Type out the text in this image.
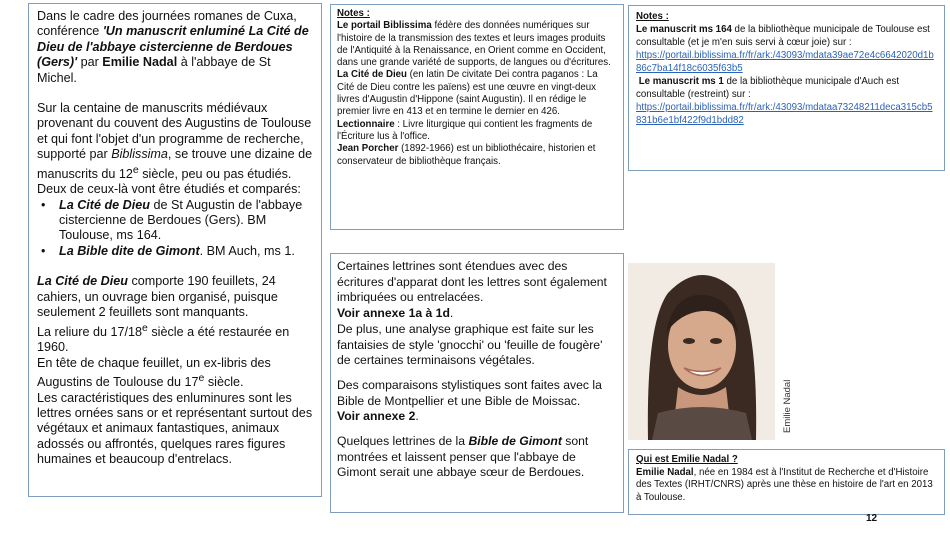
Dans le cadre des journées romanes de Cuxa, conférence 'Un manuscrit enluminé La Cité de Dieu de l'abbaye cistercienne de Berdoues (Gers)' par Emilie Nadal à l'abbaye de St Michel.

Sur la centaine de manuscrits médiévaux provenant du couvent des Augustins de Toulouse et qui font l'objet d'un programme de recherche, supporté par Biblissima, se trouve une dizaine de manuscrits du 12e siècle, peu ou pas étudiés.

Deux de ceux-là vont être étudiés et comparés:

•	La Cité de Dieu de St Augustin de l'abbaye cistercienne de Berdoues (Gers). BM Toulouse, ms 164.
•	La Bible dite de Gimont. BM Auch, ms 1.

La Cité de Dieu comporte 190 feuillets, 24 cahiers, un ouvrage bien organisé, puisque seulement 2 feuillets sont manquants.

La reliure du 17/18e siècle a été restaurée en 1960.

En tête de chaque feuillet, un ex-libris des Augustins de Toulouse du 17e siècle.

Les caractéristiques des enluminures sont les lettres ornées sans or et représentant surtout des végétaux et animaux fantastiques, animaux adossés ou affrontés, quelques rares figures humaines et beaucoup d'entrelacs.

Notes :

Le portail Biblissima fédère des données numériques sur l'histoire de la transmission des textes et leurs images produits de l'Antiquité à la Renaissance, en Orient comme en Occident, dans une grande variété de supports, de langues ou d'écritures.

La Cité de Dieu (en latin De civitate Dei contra paganos : La Cité de Dieu contre les païens) est une œuvre en vingt-deux livres d'Augustin d'Hippone (saint Augustin). Il en rédige le premier livre en 413 et en termine le dernier en 426.

Lectionnaire : Livre liturgique qui contient les fragments de l'Écriture lus à l'office.

Jean Porcher (1892-1966) est un bibliothécaire, historien et conservateur de bibliothèque français.

Notes :

Le manuscrit ms 164 de la bibliothèque municipale de Toulouse est consultable (et je m'en suis servi à cœur joie) sur :

https://portail.biblissima.fr/fr/ark:/43093/mdata39ae72e4c6642020d1b86c7ba14f18c6035f63b5

Le manuscrit ms 1 de la bibliothèque municipale d'Auch est consultable (restreint) sur :

https://portail.biblissima.fr/fr/ark:/43093/mdataa73248211deca315cb5831b6e1bf422f9d1bdd82

Certaines lettrines sont étendues avec des écritures d'apparat dont les lettres sont également imbriquées ou entrelacées.

Voir annexe 1a à 1d.

De plus, une analyse graphique est faite sur les fantaisies de style 'gnocchi' ou 'feuille de fougère' de certaines terminaisons végétales.

Des comparaisons stylistiques sont faites avec la Bible de Montpellier et une Bible de Moissac.

Voir annexe 2.

Quelques lettrines de la Bible de Gimont sont montrées et laissent penser que l'abbaye de Gimont serait une abbaye sœur de Berdoues.

Emilie Nadal

Qui est Emilie Nadal ?

Emilie Nadal, née en 1984 est à l'Institut de Recherche et d'Histoire des Textes (IRHT/CNRS) après une thèse en histoire de l'art en 2013 à Toulouse.

12
